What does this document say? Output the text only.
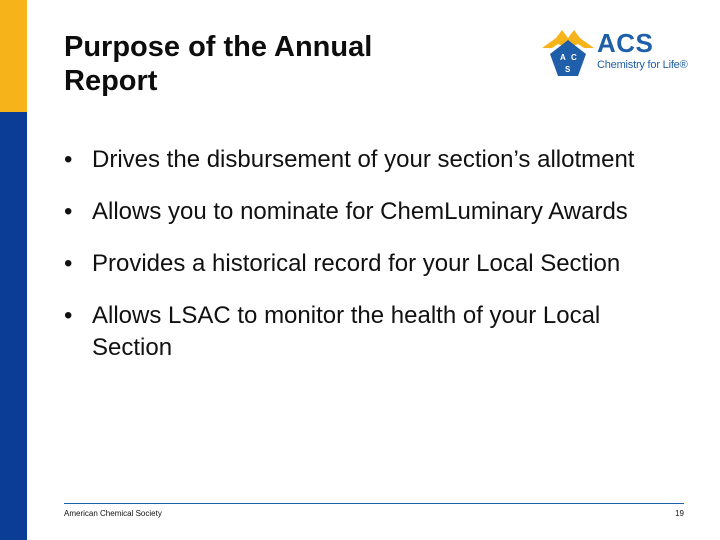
Purpose of the Annual Report
A C
S
ACS
Chemistry for Life®
• Drives the disbursement of your section’s allotment
• Allows you to nominate for ChemLuminary Awards
• Provides a historical record for your Local Section
• Allows LSAC to monitor the health of your Local Section
American Chemical Society	19
